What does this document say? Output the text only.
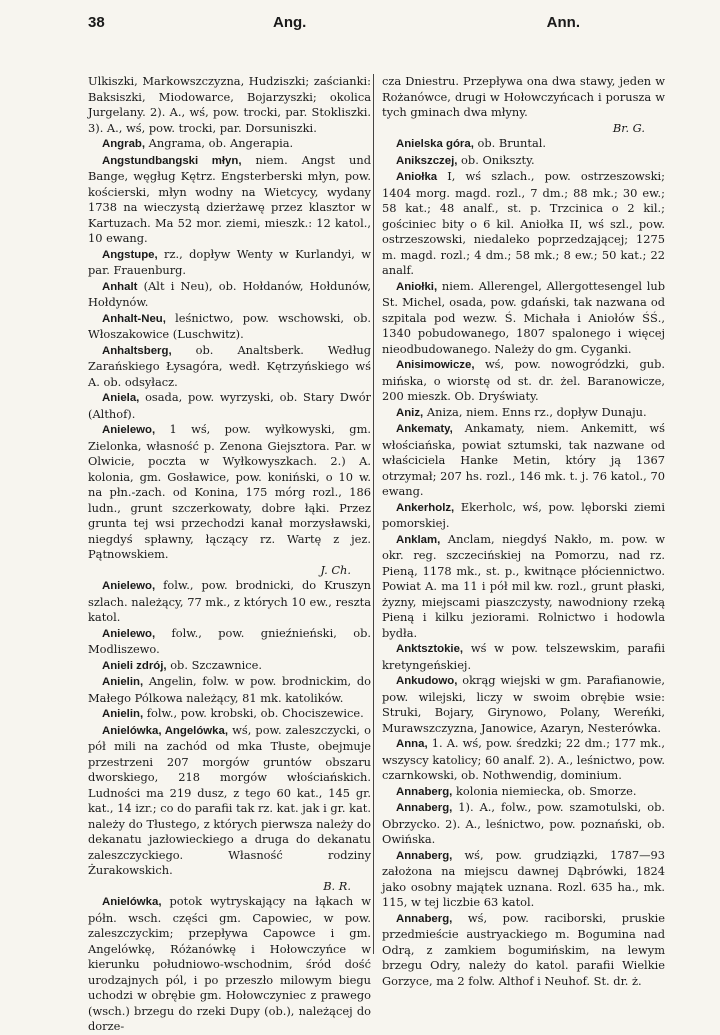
38	Ang.	Ann.

Ulkiszki, Markowszczyzna, Hudziszki; zaścianki: Baksiszki, Miodowarce, Bojarzyszki; okolica Jurgelany. 2). A., wś, pow. trocki, par. Stokliszki. 3). A., wś, pow. trocki, par. Dorsuniszki.

Angrab, Angrama, ob. Angerapia.

Angstundbangski młyn, niem. Angst und Bange, węgług Kętrz. Engsterberski młyn, pow. kościerski, młyn wodny na Wietcycy, wydany 1738 na wieczystą dzierżawę przez klasztor w Kartuzach. Ma 52 mor. ziemi, mieszk.: 12 katol., 10 ewang.

Angstupe, rz., dopływ Wenty w Kurlandyi, w par. Frauenburg.

Anhalt (Alt i Neu), ob. Hołdanów, Hołdunów, Hołdynów.

Anhalt-Neu, leśnictwo, pow. wschowski, ob. Włoszakowice (Luschwitz).

Anhaltsberg, ob. Analtsberk. Według Zarańskiego Łysagóra, wedł. Kętrzyńskiego wś A. ob. odsyłacz.

Aniela, osada, pow. wyrzyski, ob. Stary Dwór (Althof).

Anielewo, 1 wś, pow. wyłkowyski, gm. Zielonka, własność p. Zenona Giejsztora. Par. w Olwicie, poczta w Wyłkowyszkach. 2.) A. kolonia, gm. Gosławice, pow. koniński, o 10 w. na płn.-zach. od Konina, 175 mórg rozl., 186 ludn., grunt szczerkowaty, dobre łąki. Przez grunta tej wsi przechodzi kanał morzysławski, niegdyś spławny, łączący rz. Wartę z jez. Pątnowskiem.
J. Ch.

Anielewo, folw., pow. brodnicki, do Kruszyn szlach. należący, 77 mk., z których 10 ew., reszta katol.

Anielewo, folw., pow. gnieźnieński, ob. Modliszewo.

Anieli zdrój, ob. Szczawnice.

Anielin, Angelin, folw. w pow. brodnickim, do Małego Pólkowa należący, 81 mk. katolików.

Anielin, folw., pow. krobski, ob. Chociszewice.

Anielówka, Angelówka, wś, pow. zaleszczycki, o pół mili na zachód od mka Tłuste, obejmuje przestrzeni 207 morgów gruntów obszaru dworskiego, 218 morgów włościańskich. Ludności ma 219 dusz, z tego 60 kat., 145 gr. kat., 14 izr.; co do parafii tak rz. kat. jak i gr. kat. należy do Tłustego, z których pierwsza należy do dekanatu jazłowieckiego a druga do dekanatu zaleszczyckiego. Własność rodziny Żurakowskich.
B. R.

Anielówka, potok wytryskający na łąkach w półn. wsch. części gm. Capowiec, w pow. zaleszczyckim; przepływa Capowce i gm. Angelówkę, Różanówkę i Hołowczyńce w kierunku południowo-wschodnim, śród dość urodzajnych pól, i po przeszło milowym biegu uchodzi w obrębie gm. Hołowczyniec z prawego (wsch.) brzegu do rzeki Dupy (ob.), należącej do dorze-

cza Dniestru. Przepływa ona dwa stawy, jeden w Rożanówce, drugi w Hołowczyńcach i porusza w tych gminach dwa młyny.
Br. G.

Anielska góra, ob. Bruntal.

Anikszczej, ob. Onikszty.

Aniołka I, wś szlach., pow. ostrzeszowski; 1404 morg. magd. rozl., 7 dm.; 88 mk.; 30 ew.; 58 kat.; 48 analf., st. p. Trzcinica o 2 kil.; gościniec bity o 6 kil. Aniołka II, wś szl., pow. ostrzeszowski, niedaleko poprzedzającej; 1275 m. magd. rozl.; 4 dm.; 58 mk.; 8 ew.; 50 kat.; 22 analf.

Aniołki, niem. Allerengel, Allergottesengel lub St. Michel, osada, pow. gdański, tak nazwana od szpitala pod wezw. Ś. Michała i Aniołów ŚŚ., 1340 pobudowanego, 1807 spalonego i więcej nieodbudowanego. Należy do gm. Cyganki.

Anisimowicze, wś, pow. nowogródzki, gub. mińska, o wiorstę od st. dr. żel. Baranowicze, 200 mieszk. Ob. Dryświaty.

Aniz, Aniza, niem. Enns rz., dopływ Dunaju.

Ankematy, Ankamaty, niem. Ankemitt, wś włościańska, powiat sztumski, tak nazwane od właściciela Hanke Metin, który ją 1367 otrzymał; 207 hs. rozl., 146 mk. t. j. 76 katol., 70 ewang.

Ankerholz, Ekerholc, wś, pow. lęborski ziemi pomorskiej.

Anklam, Anclam, niegdyś Nakło, m. pow. w okr. reg. szczecińskiej na Pomorzu, nad rz. Pieną, 1178 mk., st. p., kwitnące płóciennictwo. Powiat A. ma 11 i pół mil kw. rozl., grunt płaski, żyzny, miejscami piaszczysty, nawodniony rzeką Pieną i kilku jeziorami. Rolnictwo i hodowla bydła.

Anktsztokie, wś w pow. telszewskim, parafii kretyngeńskiej.

Ankudowo, okrąg wiejski w gm. Parafianowie, pow. wilejski, liczy w swoim obrębie wsie: Struki, Bojary, Girynowo, Polany, Wereńki, Murawszczyzna, Janowice, Azaryn, Nesterówka.

Anna, 1. A. wś, pow. średzki; 22 dm.; 177 mk., wszyscy katolicy; 60 analf. 2). A., leśnictwo, pow. czarnkowski, ob. Nothwendig, dominium.

Annaberg, kolonia niemiecka, ob. Smorze.

Annaberg, 1). A., folw., pow. szamotulski, ob. Obrzycko. 2). A., leśnictwo, pow. poznański, ob. Owińska.

Annaberg, wś, pow. grudziązki, 1787—93 założona na miejscu dawnej Dąbrówki, 1824 jako osobny majątek uznana. Rozl. 635 ha., mk. 115, w tej liczbie 63 katol.

Annaberg, wś, pow. raciborski, pruskie przedmieście austryackiego m. Bogumina nad Odrą, z zamkiem bogumińskim, na lewym brzegu Odry, należy do katol. parafii Wielkie Gorzyce, ma 2 folw. Althof i Neuhof. St. dr. ż.
